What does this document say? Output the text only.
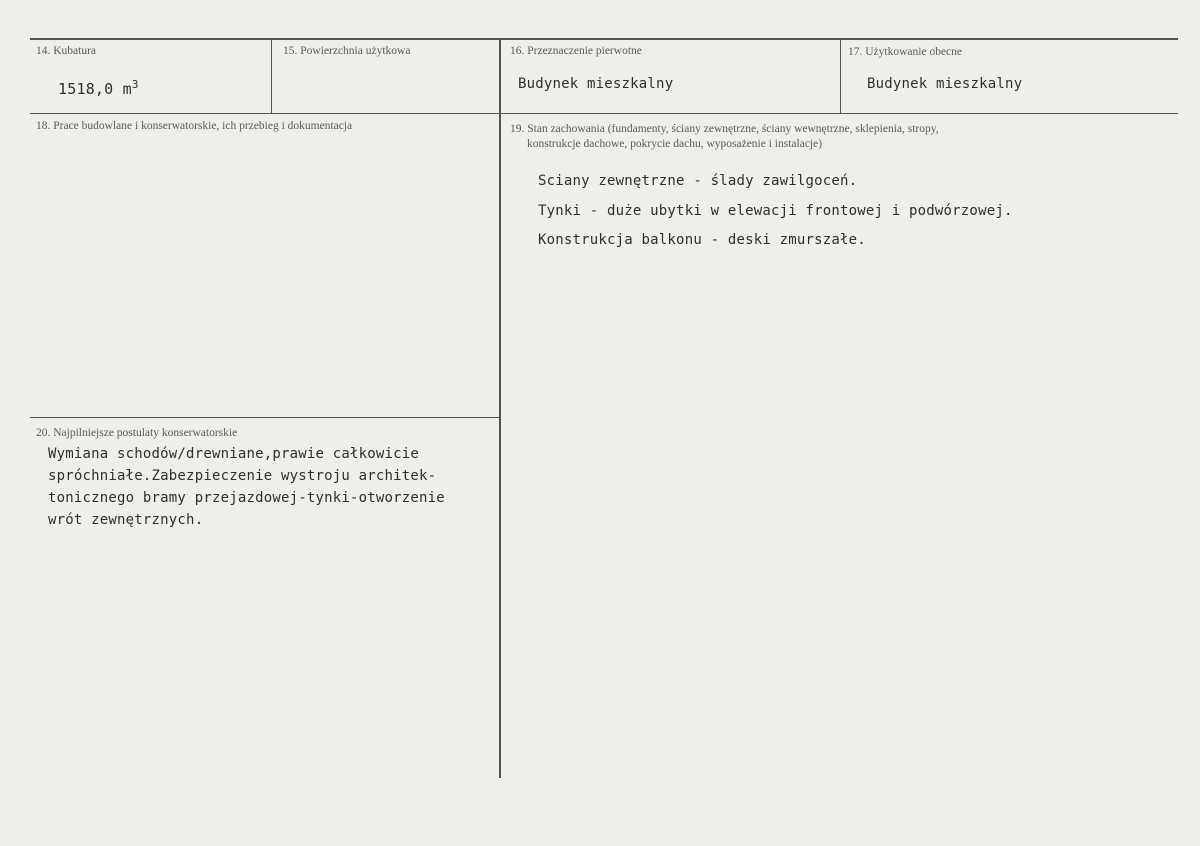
14. Kubatura
1518,0 $m^3$
15. Powierzchnia użytkowa	16. Przeznaczenie pierwotne
Budynek mieszkalny
17. Użytkowanie obecne
Budynek mieszkalny
18. Prace budowlane i konserwatorskie, ich przebieg i dokumentacja	19. Stan zachowania (fundamenty, ściany zewnętrzne, ściany wewnętrzne, sklepienia, stropy,
konstrukcje dachowe, pokrycie dachu, wyposażenie i instalacje)
Sciany zewnętrzne - ślady zawilgoceń.
Tynki - duże ubytki w elewacji frontowej i podwórzowej.
Konstrukcja balkonu - deski zmurszałe.
20. Najpilniejsze postulaty konserwatorskie
Wymiana schodów/drewniane,prawie całkowicie
spróchniałe.Zabezpieczenie wystroju architek-
tonicznego bramy przejazdowej-tynki-otworzenie
wrót zewnętrznych.
